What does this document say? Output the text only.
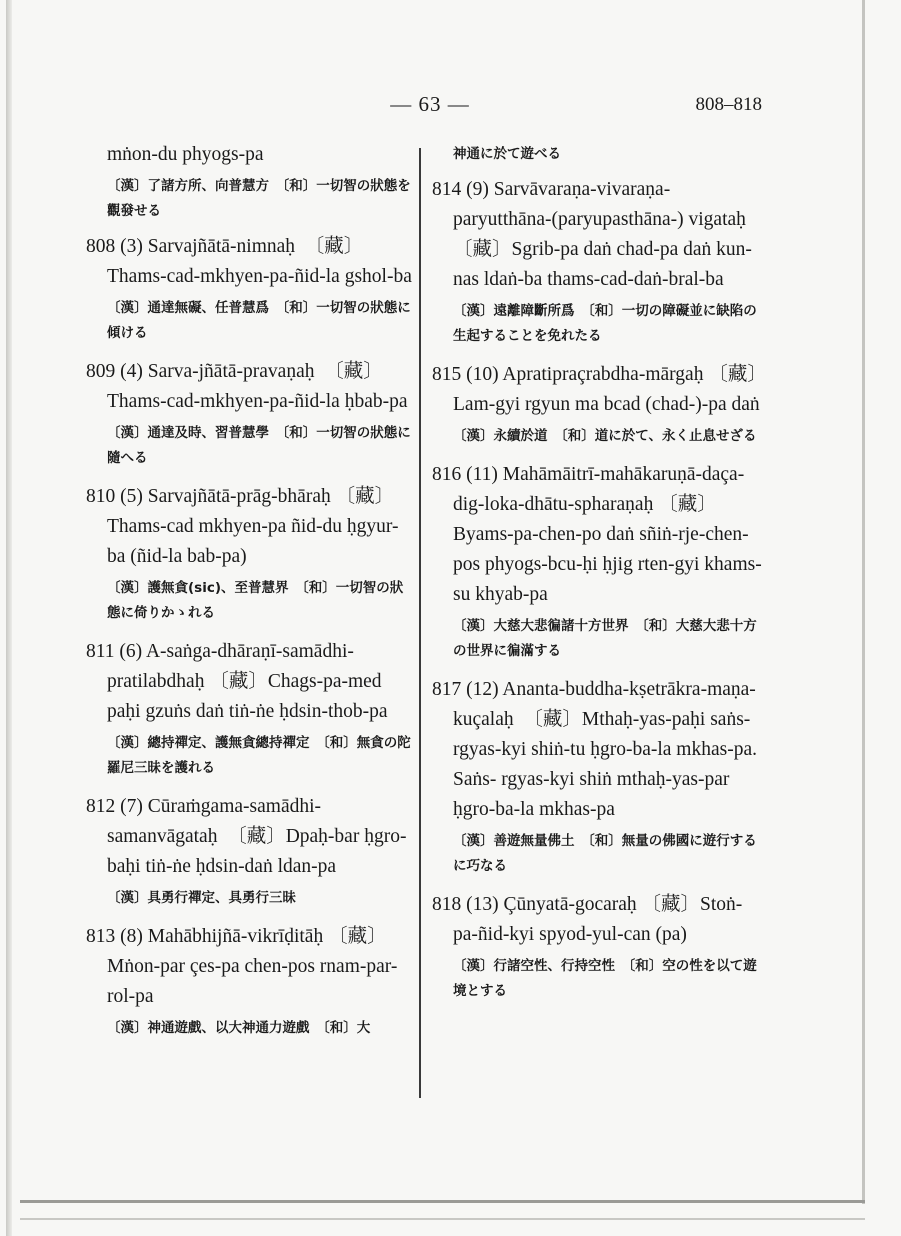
— 63 —	808–818

mṅon-du phyogs-pa

〔漢〕了諸方所、向普慧方　〔和〕一切智の狀態を觀發せる

808 (3) Sarvajñātā-nimnaḥ　〔藏〕Thams-cad-mkhyen-pa-ñid-la gshol-ba

〔漢〕通達無礙、任普慧爲　〔和〕一切智の狀態に傾ける

809 (4) Sarva-jñātā-pravaṇaḥ　〔藏〕Thams-cad-mkhyen-pa-ñid-la ḥbab-pa

〔漢〕通達及時、習普慧學　〔和〕一切智の狀態に隨へる

810 (5) Sarvajñātā-prāg-bhāraḥ 〔藏〕Thams-cad mkhyen-pa ñid-du ḥgyur-ba (ñid-la bab-pa)

〔漢〕護無貪(sic)、至普慧界　〔和〕一切智の狀態に倚りかゝれる

811 (6) A-saṅga-dhāraṇī-samādhi-pratilabdhaḥ 〔藏〕Chags-pa-med paḥi gzuṅs daṅ tiṅ-ṅe ḥdsin-thob-pa

〔漢〕總持禪定、護無貪總持禪定　〔和〕無貪の陀羅尼三昧を護れる

812 (7) Cūraṁgama-samādhi-samanvāgataḥ　〔藏〕Dpaḥ-bar ḥgro-baḥi tiṅ-ṅe ḥdsin-daṅ ldan-pa

〔漢〕具勇行禪定、具勇行三昧

813 (8) Mahābhijñā-vikrīḍitāḥ 〔藏〕Mṅon-par çes-pa chen-pos rnam-par-rol-pa

〔漢〕神通遊戲、以大神通力遊戲　〔和〕大

神通に於て遊べる

814 (9) Sarvāvaraṇa-vivaraṇa-paryutthāna-(paryupasthāna-) vigataḥ 〔藏〕Sgrib-pa daṅ chad-pa daṅ kun-nas ldaṅ-ba thams-cad-daṅ-bral-ba

〔漢〕遠離障斷所爲　〔和〕一切の障礙並に缺陷の生起することを免れたる

815 (10) Apratipraçrabdha-mārgaḥ 〔藏〕Lam-gyi rgyun ma bcad (chad-)-pa daṅ

〔漢〕永續於道　〔和〕道に於て、永く止息せざる

816 (11) Mahāmāitrī-mahākaruṇā-daça-dig-loka-dhātu-spharaṇaḥ 〔藏〕Byams-pa-chen-po daṅ sñiṅ-rje-chen-pos phyogs-bcu-ḥi ḥjig rten-gyi khams-su khyab-pa

〔漢〕大慈大悲徧諸十方世界　〔和〕大慈大悲十方の世界に徧滿する

817 (12) Ananta-buddha-kṣetrākra-maṇa-kuçalaḥ　〔藏〕Mthaḥ-yas-paḥi saṅs-rgyas-kyi shiṅ-tu ḥgro-ba-la mkhas-pa. Saṅs- rgyas-kyi shiṅ mthaḥ-yas-par ḥgro-ba-la mkhas-pa

〔漢〕善遊無量佛土　〔和〕無量の佛國に遊行するに巧なる

818 (13) Çūnyatā-gocaraḥ 〔藏〕Stoṅ-pa-ñid-kyi spyod-yul-can (pa)

〔漢〕行諸空性、行持空性　〔和〕空の性を以て遊境とする
